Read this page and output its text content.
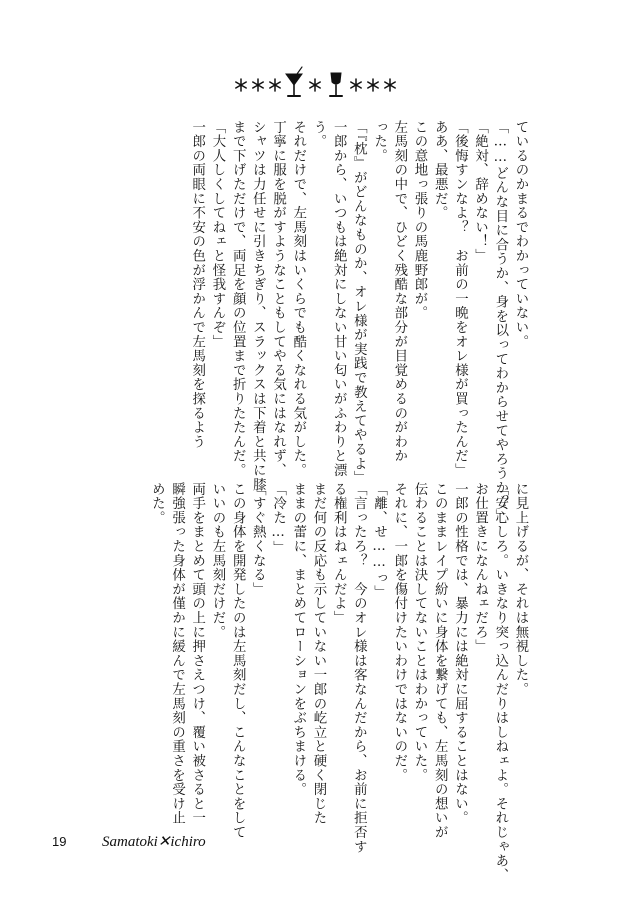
ているのかまるでわかっていない。

「……どんな目に合うか、身を以ってわからせてやろうか？」

「絶対、辞めない！」

「後悔すンなよ？　お前の一晩をオレ様が買ったんだ」

ああ、最悪だ。

この意地っ張りの馬鹿野郎が。

左馬刻の中で、ひどく残酷な部分が目覚めるのがわか

った。

「『枕』がどんなものか、オレ様が実践で教えてやるよ」

一郎から、いつもは絶対にしない甘い匂いがふわりと漂

う。

それだけで、左馬刻はいくらでも酷くなれる気がした。

丁寧に服を脱がすようなこともしてやる気にはなれず、

シャツは力任せに引きちぎり、スラックスは下着と共に膝

まで下げただけで、両足を顔の位置まで折りたたんだ。

「大人しくしてねェと怪我すんぞ」

一郎の両眼に不安の色が浮かんで左馬刻を探るよう

に見上げるが、それは無視した。

「安心しろ。いきなり突っ込んだりはしねェよ。それじゃあ、

お仕置きになんねェだろ」

一郎の性格では、暴力には絶対に屈することはない。

このままレイプ紛いに身体を繋げても、左馬刻の想いが

伝わることは決してないことはわかっていた。

それに、一郎を傷付けたいわけではないのだ。

「離、せ……っ」

「言ったろ？　今のオレ様は客なんだから、お前に拒否す

る権利はねェんだよ」

まだ何の反応も示していない一郎の屹立と硬く閉じた

ままの蕾に、まとめてローションをぶちまける。

「冷た…」

「すぐ熱くなる」

この身体を開発したのは左馬刻だし、こんなことをして

いいのも左馬刻だけだ。

両手をまとめて頭の上に押さえつけ、覆い被さると一

瞬強張った身体が僅かに緩んで左馬刻の重さを受け止

めた。

19 Samatoki✕ichiro
